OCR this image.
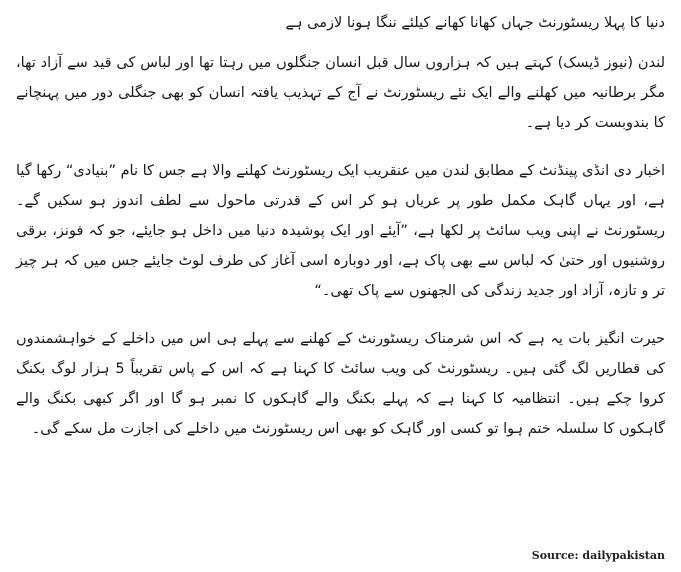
دنیا کا پہلا ریسٹورنٹ جہاں کھانا کھانے کیلئے ننگا ہونا لازمی ہے
لندن (نیوز ڈیسک) کہتے ہیں کہ ہزاروں سال قبل انسان جنگلوں میں رہتا تھا اور لباس کی قید سے آزاد تھا، مگر برطانیہ میں کھلنے والے ایک نئے ریسٹورنٹ نے آج کے تہذیب یافتہ انسان کو بھی جنگلی دور میں پہنچانے کا بندوبست کر دیا ہے۔
اخبار دی انڈی پینڈنٹ کے مطابق لندن میں عنقریب ایک ریسٹورنٹ کھلنے والا ہے جس کا نام ”بنیادی“ رکھا گیا ہے، اور یہاں گاہک مکمل طور پر عریاں ہو کر اس کے قدرتی ماحول سے لطف اندوز ہو سکیں گے۔ ریسٹورنٹ نے اپنی ویب سائٹ پر لکھا ہے، ”آیئے اور ایک پوشیدہ دنیا میں داخل ہو جایئے، جو کہ فونز، برقی روشنیوں اور حتیٰ کہ لباس سے بھی پاک ہے، اور دوبارہ اسی آغاز کی طرف لوٹ جایئے جس میں کہ ہر چیز تر و تازہ، آزاد اور جدید زندگی کی الجھنوں سے پاک تھی۔“
حیرت انگیز بات یہ ہے کہ اس شرمناک ریسٹورنٹ کے کھلنے سے پہلے ہی اس میں داخلے کے خواہشمندوں کی قطاریں لگ گئی ہیں۔ ریسٹورنٹ کی ویب سائٹ کا کہنا ہے کہ اس کے پاس تقریباً 5 ہزار لوگ بکنگ کروا چکے ہیں۔ انتظامیہ کا کہنا ہے کہ پہلے بکنگ والے گاہکوں کا نمبر ہو گا اور اگر کبھی بکنگ والے گاہکوں کا سلسلہ ختم ہوا تو کسی اور گاہک کو بھی اس ریسٹورنٹ میں داخلے کی اجازت مل سکے گی۔
Source: dailypakistan
